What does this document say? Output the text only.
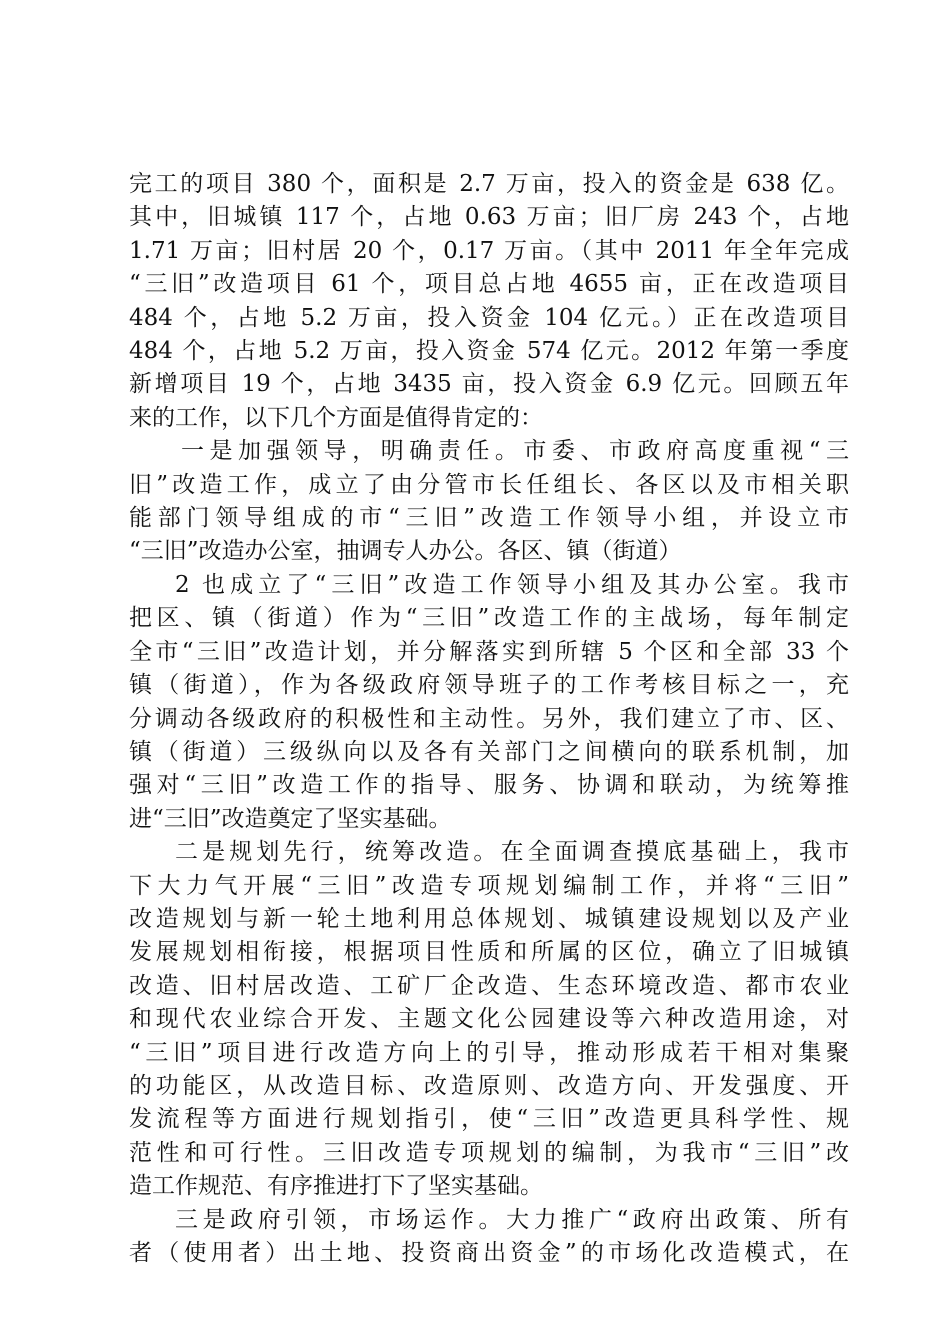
完工的项目 380 个，面积是 2.7 万亩，投入的资金是 638 亿。
其中，旧城镇 117 个，占地 0.63 万亩；旧厂房 243 个，占地
1.71 万亩；旧村居 20 个，0.17 万亩。（其中 2011 年全年完成
“三旧”改造项目 61 个，项目总占地 4655 亩，正在改造项目
484 个，占地 5.2 万亩，投入资金 104 亿元。）正在改造项目
484 个，占地 5.2 万亩，投入资金 574 亿元。2012 年第一季度
新增项目 19 个，占地 3435 亩，投入资金 6.9 亿元。回顾五年
来的工作，以下几个方面是值得肯定的：
一是加强领导，明确责任。市委、市政府高度重视“三
旧”改造工作，成立了由分管市长任组长、各区以及市相关职
能部门领导组成的市“三旧”改造工作领导小组，并设立市
“三旧”改造办公室，抽调专人办公。各区、镇（街道）
2 也成立了“三旧”改造工作领导小组及其办公室。我市
把区、镇（街道）作为“三旧”改造工作的主战场，每年制定
全市“三旧”改造计划，并分解落实到所辖 5 个区和全部 33 个
镇（街道），作为各级政府领导班子的工作考核目标之一，充
分调动各级政府的积极性和主动性。另外，我们建立了市、区、
镇（街道）三级纵向以及各有关部门之间横向的联系机制，加
强对“三旧”改造工作的指导、服务、协调和联动，为统筹推
进“三旧”改造奠定了坚实基础。
二是规划先行，统筹改造。在全面调查摸底基础上，我市
下大力气开展“三旧”改造专项规划编制工作，并将“三旧”
改造规划与新一轮土地利用总体规划、城镇建设规划以及产业
发展规划相衔接，根据项目性质和所属的区位，确立了旧城镇
改造、旧村居改造、工矿厂企改造、生态环境改造、都市农业
和现代农业综合开发、主题文化公园建设等六种改造用途，对
“三旧”项目进行改造方向上的引导，推动形成若干相对集聚
的功能区，从改造目标、改造原则、改造方向、开发强度、开
发流程等方面进行规划指引，使“三旧”改造更具科学性、规
范性和可行性。三旧改造专项规划的编制，为我市“三旧”改
造工作规范、有序推进打下了坚实基础。
三是政府引领，市场运作。大力推广“政府出政策、所有
者（使用者）出土地、投资商出资金”的市场化改造模式，在
